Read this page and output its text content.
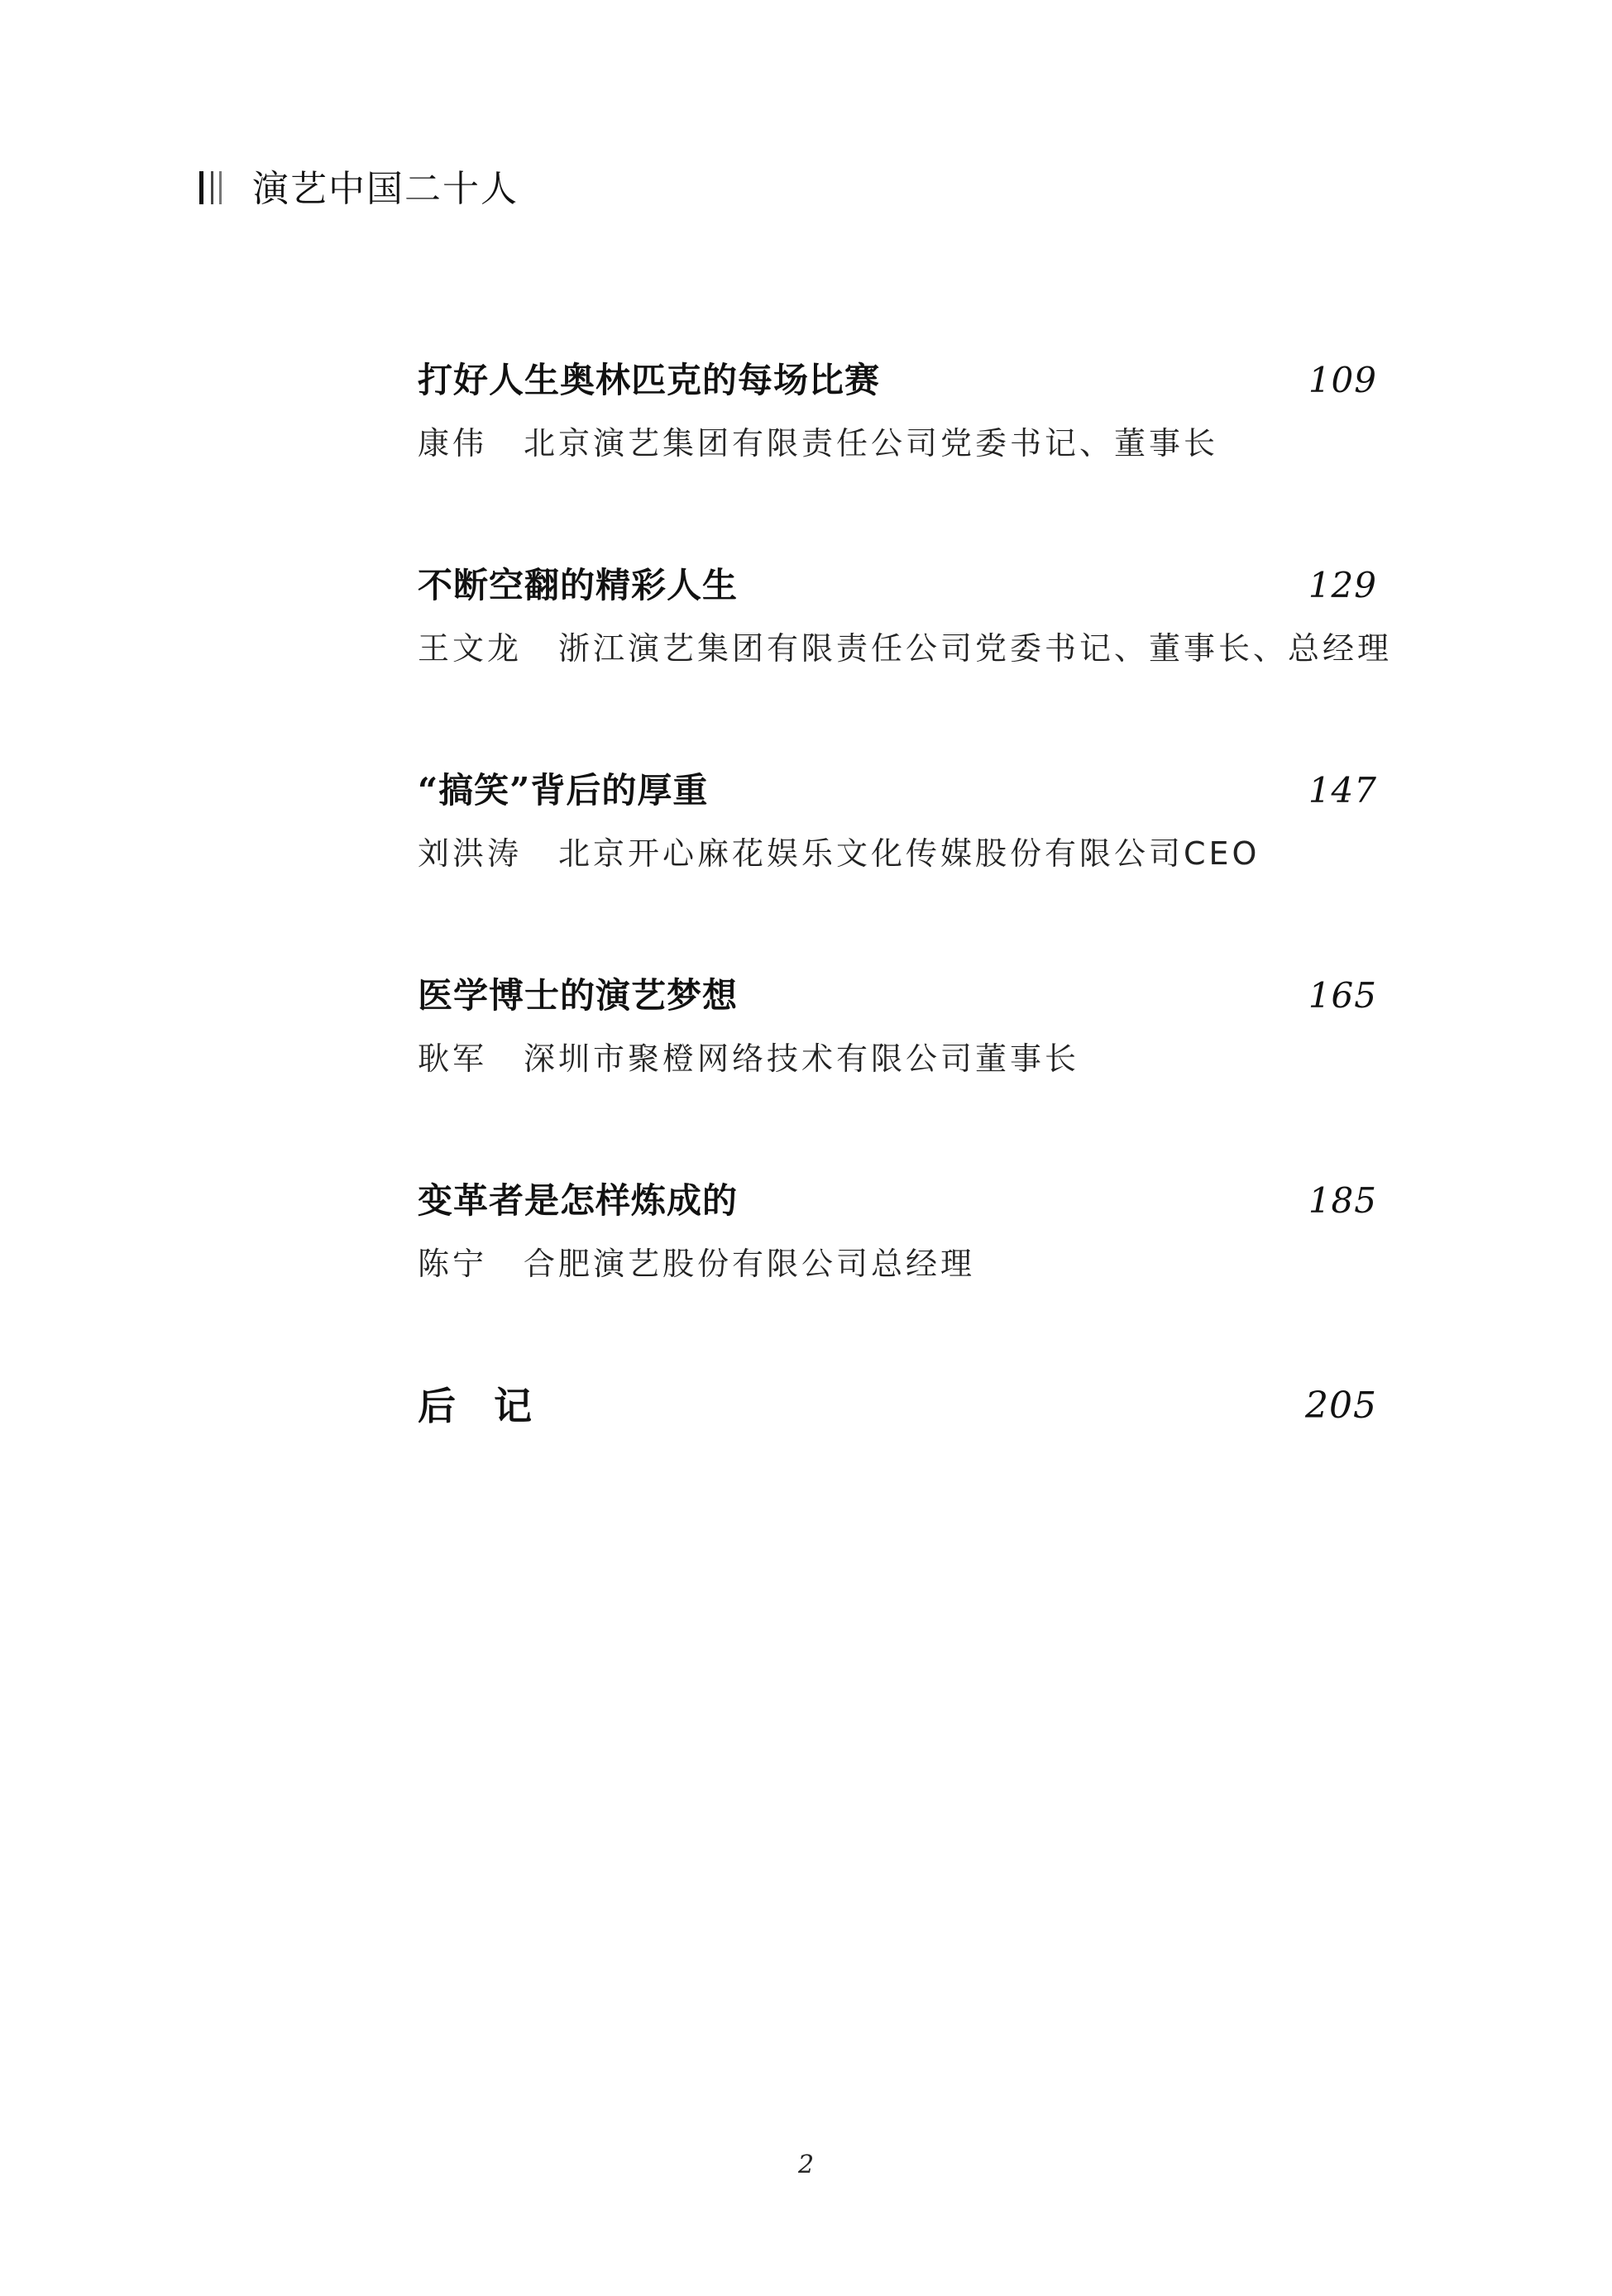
演艺中国二十人
打好人生奥林匹克的每场比赛	109
康伟 北京演艺集团有限责任公司党委书记、董事长
不断空翻的精彩人生	129
王文龙 浙江演艺集团有限责任公司党委书记、董事长、总经理
“搞笑”背后的厚重	147
刘洪涛 北京开心麻花娱乐文化传媒股份有限公司CEO
医学博士的演艺梦想	165
耿军 深圳市聚橙网络技术有限公司董事长
变革者是怎样炼成的	185
陈宁 合肥演艺股份有限公司总经理
后　记	205
2
